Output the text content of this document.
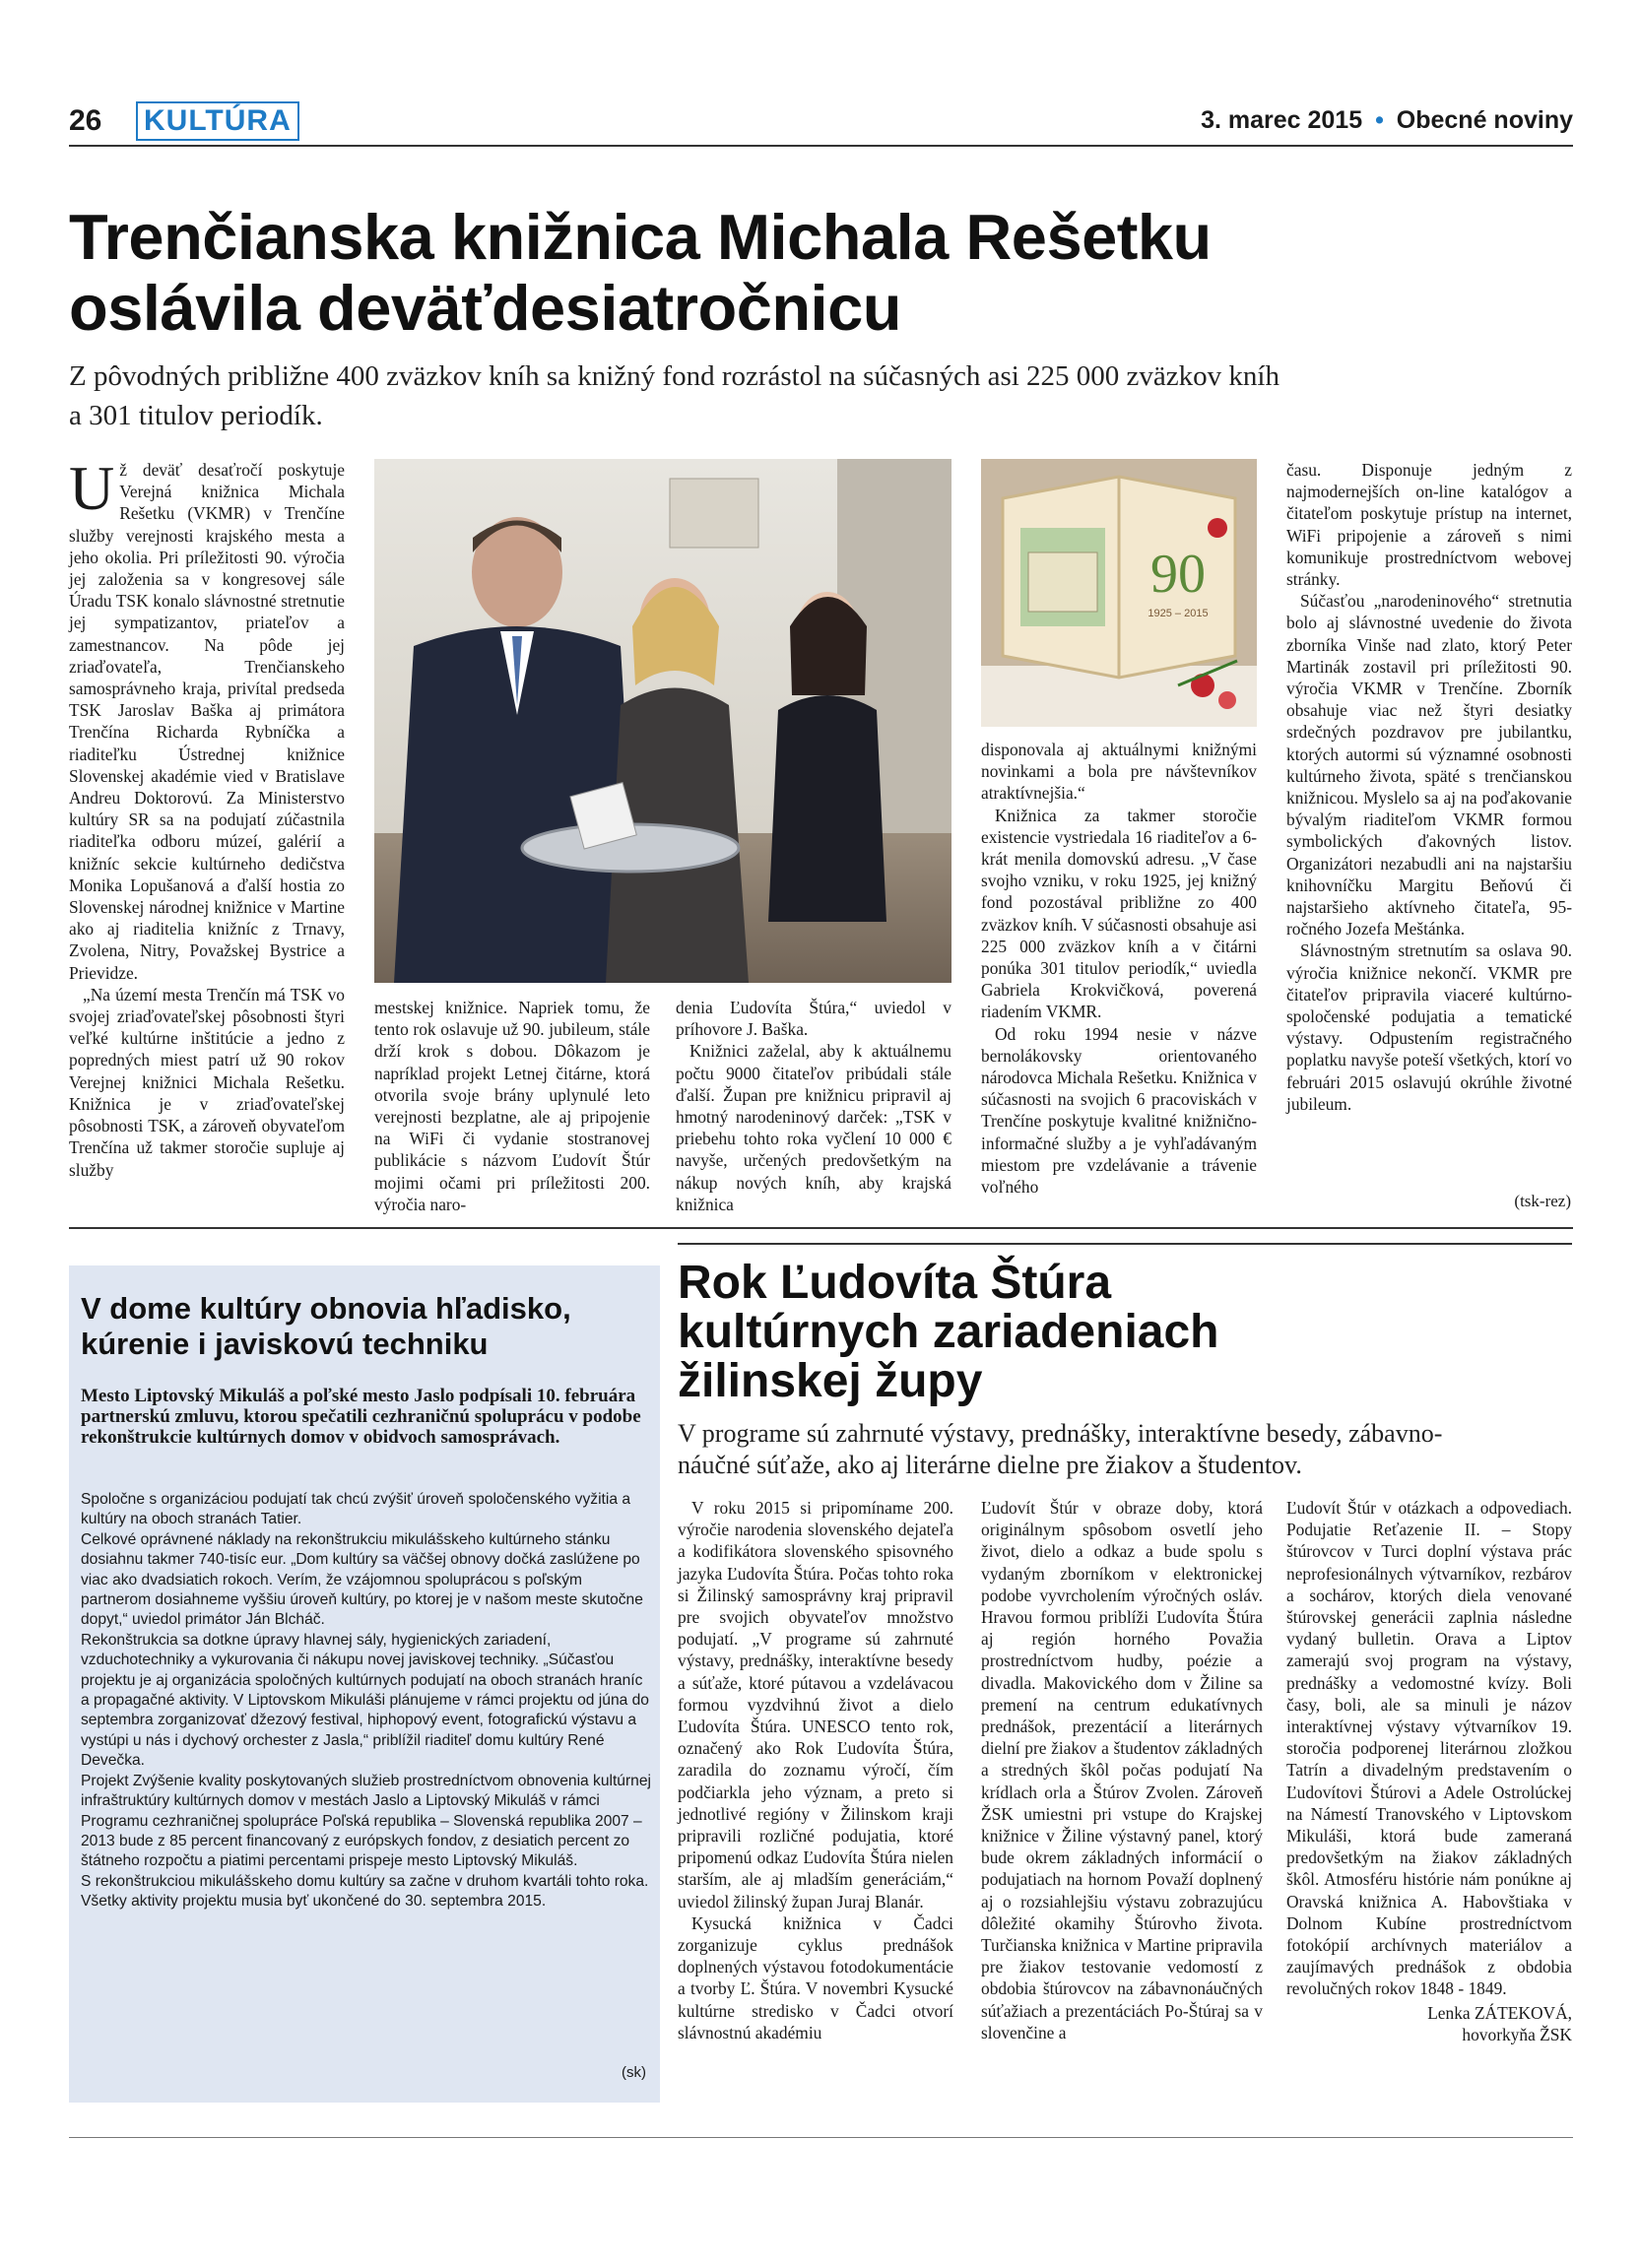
26 KULTÚRA	3. marec 2015 • Obecné noviny
Trenčianska knižnica Michala Rešetku
oslávila deväťdesiatročnicu
Z pôvodných približne 400 zväzkov kníh sa knižný fond rozrástol na súčasných asi 225 000 zväzkov kníh
a 301 titulov periodík.

Už deväť desaťročí poskytuje Verejná knižnica Michala Rešetku (VKMR) v Trenčíne služby verejnosti krajského mesta a jeho okolia. Pri príležitosti 90. výročia jej založenia sa v kongresovej sále Úradu TSK konalo slávnostné stretnutie jej sympatizantov, priateľov a zamestnancov. Na pôde jej zriaďovateľa, Trenčianskeho samosprávneho kraja, privítal predseda TSK Jaroslav Baška aj primátora Trenčína Richarda Rybníčka a riaditeľku Ústrednej knižnice Slovenskej akadémie vied v Bratislave Andreu Doktorovú. Za Ministerstvo kultúry SR sa na podujatí zúčastnila riaditeľka odboru múzeí, galérií a knižníc sekcie kultúrneho dedičstva Monika Lopušanová a ďalší hostia zo Slovenskej národnej knižnice v Martine ako aj riaditelia knižníc z Trnavy, Zvolena, Nitry, Považskej Bystrice a Prievidze.

„Na území mesta Trenčín má TSK vo svojej zriaďovateľskej pôsobnosti štyri veľké kultúrne inštitúcie a jedno z popredných miest patrí už 90 rokov Verejnej knižnici Michala Rešetku. Knižnica je v zriaďovateľskej pôsobnosti TSK, a zároveň obyvateľom Trenčína už takmer storočie supluje aj služby

mestskej knižnice. Napriek tomu, že tento rok oslavuje už 90. jubileum, stále drží krok s dobou. Dôkazom je napríklad projekt Letnej čitárne, ktorá otvorila svoje brány uplynulé leto verejnosti bezplatne, ale aj pripojenie na WiFi či vydanie stostranovej publikácie s názvom Ľudovít Štúr mojimi očami pri príležitosti 200. výročia naro-

denia Ľudovíta Štúra,“ uviedol v príhovore J. Baška.

Knižnici zaželal, aby k aktuálnemu počtu 9000 čitateľov pribúdali stále ďalší. Župan pre knižnicu pripravil aj hmotný narodeninový darček: „TSK v priebehu tohto roka vyčlení 10 000 € navyše, určených predovšetkým na nákup nových kníh, aby krajská knižnica

90
1925 – 2015

disponovala aj aktuálnymi knižnými novinkami a bola pre návštevníkov atraktívnejšia.“

Knižnica za takmer storočie existencie vystriedala 16 riaditeľov a 6-krát menila domovskú adresu. „V čase svojho vzniku, v roku 1925, jej knižný fond pozostával približne zo 400 zväzkov kníh. V súčasnosti obsahuje asi 225 000 zväzkov kníh a v čitárni ponúka 301 titulov periodík,“ uviedla Gabriela Krokvičková, poverená riadením VKMR.

Od roku 1994 nesie v názve bernolákovsky orientovaného národovca Michala Rešetku. Knižnica v súčasnosti na svojich 6 pracoviskách v Trenčíne poskytuje kvalitné knižnično-informačné služby a je vyhľadávaným miestom pre vzdelávanie a trávenie voľného

času. Disponuje jedným z najmodernejších on-line katalógov a čitateľom poskytuje prístup na internet, WiFi pripojenie a zároveň s nimi komunikuje prostredníctvom webovej stránky.

Súčasťou „narodeninového“ stretnutia bolo aj slávnostné uvedenie do života zborníka Vinše nad zlato, ktorý Peter Martinák zostavil pri príležitosti 90. výročia VKMR v Trenčíne. Zborník obsahuje viac než štyri desiatky srdečných pozdravov pre jubilantku, ktorých autormi sú významné osobnosti kultúrneho života, späté s trenčianskou knižnicou. Myslelo sa aj na poďakovanie bývalým riaditeľom VKMR formou symbolických ďakovných listov. Organizátori nezabudli ani na najstaršiu knihovníčku Margitu Beňovú či najstaršieho aktívneho čitateľa, 95-ročného Jozefa Meštánka.

Slávnostným stretnutím sa oslava 90. výročia knižnice nekončí. VKMR pre čitateľov pripravila viaceré kultúrno-spoločenské podujatia a tematické výstavy. Odpustením registračného poplatku navyše poteší všetkých, ktorí vo februári 2015 oslavujú okrúhle životné jubileum.

(tsk-rez)
V dome kultúry obnovia hľadisko,
kúrenie i javiskovú techniku
Mesto Liptovský Mikuláš a poľské mesto Jaslo podpísali 10. februára partnerskú zmluvu, ktorou spečatili cezhraničnú spoluprácu v podobe rekonštrukcie kultúrnych domov v obidvoch samosprávach.
Spoločne s organizáciou podujatí tak chcú zvýšiť úroveň spoločenského vyžitia a kultúry na oboch stranách Tatier.
Celkové oprávnené náklady na rekonštrukciu mikulášskeho kultúrneho stánku dosiahnu takmer 740-tisíc eur. „Dom kultúry sa väčšej obnovy dočká zaslúžene po viac ako dvadsiatich rokoch. Verím, že vzájomnou spoluprácou s poľským partnerom dosiahneme vyššiu úroveň kultúry, po ktorej je v našom meste skutočne dopyt,“ uviedol primátor Ján Blcháč.
Rekonštrukcia sa dotkne úpravy hlavnej sály, hygienických zariadení, vzduchotechniky a vykurovania či nákupu novej javiskovej techniky. „Súčasťou projektu je aj organizácia spoločných kultúrnych podujatí na oboch stranách hraníc a propagačné aktivity. V Liptovskom Mikuláši plánujeme v rámci projektu od júna do septembra zorganizovať džezový festival, hiphopový event, fotografickú výstavu a vystúpi u nás i dychový orchester z Jasla,“ priblížil riaditeľ domu kultúry René Devečka.
Projekt Zvýšenie kvality poskytovaných služieb prostredníctvom obnovenia kultúrnej infraštruktúry kultúrnych domov v mestách Jaslo a Liptovský Mikuláš v rámci Programu cezhraničnej spolupráce Poľská republika – Slovenská republika 2007 – 2013 bude z 85 percent financovaný z európskych fondov, z desiatich percent zo štátneho rozpočtu a piatimi percentami prispeje mesto Liptovský Mikuláš.
S rekonštrukciou mikulášskeho domu kultúry sa začne v druhom kvartáli tohto roka. Všetky aktivity projektu musia byť ukončené do 30. septembra 2015.
(sk)
Rok Ľudovíta Štúra
kultúrnych zariadeniach
žilinskej župy
V programe sú zahrnuté výstavy, prednášky, interaktívne besedy, zábavno-
náučné súťaže, ako aj literárne dielne pre žiakov a študentov.

V roku 2015 si pripomíname 200. výročie narodenia slovenského dejateľa a kodifikátora slovenského spisovného jazyka Ľudovíta Štúra. Počas tohto roka si Žilinský samosprávny kraj pripravil pre svojich obyvateľov množstvo podujatí. „V programe sú zahrnuté výstavy, prednášky, interaktívne besedy a súťaže, ktoré pútavou a vzdelávacou formou vyzdvihnú život a dielo Ľudovíta Štúra. UNESCO tento rok, označený ako Rok Ľudovíta Štúra, zaradila do zoznamu výročí, čím podčiarkla jeho význam, a preto si jednotlivé regióny v Žilinskom kraji pripravili rozličné podujatia, ktoré pripomenú odkaz Ľudovíta Štúra nielen starším, ale aj mladším generáciám,“ uviedol žilinský župan Juraj Blanár.

Kysucká knižnica v Čadci zorganizuje cyklus prednášok doplnených výstavou fotodokumentácie a tvorby Ľ. Štúra. V novembri Kysucké kultúrne stredisko v Čadci otvorí slávnostnú akadémiu

Ľudovít Štúr v obraze doby, ktorá originálnym spôsobom osvetlí jeho život, dielo a odkaz a bude spolu s vydaným zborníkom v elektronickej podobe vyvrcholením výročných osláv. Hravou formou priblíži Ľudovíta Štúra aj región horného Považia prostredníctvom hudby, poézie a divadla. Makovického dom v Žiline sa premení na centrum edukatívnych prednášok, prezentácií a literárnych dielní pre žiakov a študentov základných a stredných škôl počas podujatí Na krídlach orla a Štúrov Zvolen. Zároveň ŽSK umiestni pri vstupe do Krajskej knižnice v Žiline výstavný panel, ktorý bude okrem základných informácií o podujatiach na hornom Považí doplnený aj o rozsiahlejšiu výstavu zobrazujúcu dôležité okamihy Štúrovho života. Turčianska knižnica v Martine pripravila pre žiakov testovanie vedomostí z obdobia štúrovcov na zábavnonáučných súťažiach a prezentáciách Po-Štúraj sa v slovenčine a

Ľudovít Štúr v otázkach a odpovediach. Podujatie Reťazenie II. – Stopy štúrovcov v Turci doplní výstava prác neprofesionálnych výtvarníkov, rezbárov a sochárov, ktorých diela venované štúrovskej generácii zaplnia následne vydaný bulletin. Orava a Liptov zamerajú svoj program na výstavy, prednášky a vedomostné kvízy. Boli časy, boli, ale sa minuli je názov interaktívnej výstavy výtvarníkov 19. storočia podporenej literárnou zložkou Tatrín a divadelným predstavením o Ľudovítovi Štúrovi a Adele Ostrolúckej na Námestí Tranovského v Liptovskom Mikuláši, ktorá bude zameraná predovšetkým na žiakov základných škôl. Atmosféru histórie nám ponúkne aj Oravská knižnica A. Habovštiaka v Dolnom Kubíne prostredníctvom fotokópií archívnych materiálov a zaujímavých prednášok z obdobia revolučných rokov 1848 - 1849.

Lenka ZÁTEKOVÁ,
hovorkyňa ŽSK
